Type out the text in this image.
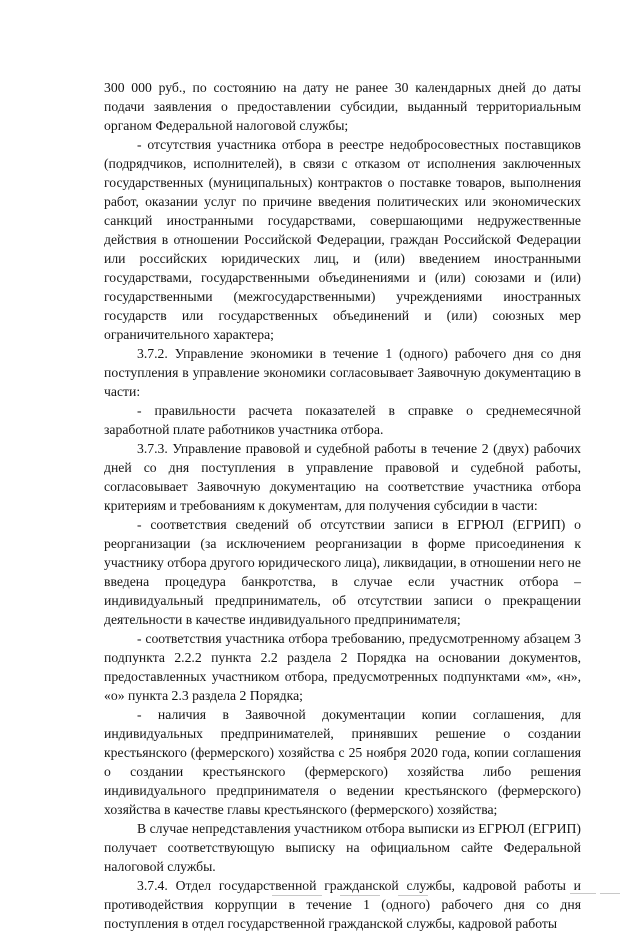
300 000 руб., по состоянию на дату не ранее 30 календарных дней до даты подачи заявления о предоставлении субсидии, выданный территориальным органом Федеральной налоговой службы;

- отсутствия участника отбора в реестре недобросовестных поставщиков (подрядчиков, исполнителей), в связи с отказом от исполнения заключенных государственных (муниципальных) контрактов о поставке товаров, выполнения работ, оказании услуг по причине введения политических или экономических санкций иностранными государствами, совершающими недружественные действия в отношении Российской Федерации, граждан Российской Федерации или российских юридических лиц, и (или) введением иностранными государствами, государственными объединениями и (или) союзами и (или) государственными (межгосударственными) учреждениями иностранных государств или государственных объединений и (или) союзных мер ограничительного характера;

3.7.2. Управление экономики в течение 1 (одного) рабочего дня со дня поступления в управление экономики согласовывает Заявочную документацию в части:

- правильности расчета показателей в справке о среднемесячной заработной плате работников участника отбора.

3.7.3. Управление правовой и судебной работы в течение 2 (двух) рабочих дней со дня поступления в управление правовой и судебной работы, согласовывает Заявочную документацию на соответствие участника отбора критериям и требованиям к документам, для получения субсидии в части:

- соответствия сведений об отсутствии записи в ЕГРЮЛ (ЕГРИП) о реорганизации (за исключением реорганизации в форме присоединения к участнику отбора другого юридического лица), ликвидации, в отношении него не введена процедура банкротства, в случае если участник отбора – индивидуальный предприниматель, об отсутствии записи о прекращении деятельности в качестве индивидуального предпринимателя;

- соответствия участника отбора требованию, предусмотренному абзацем 3 подпункта 2.2.2 пункта 2.2 раздела 2 Порядка на основании документов, предоставленных участником отбора, предусмотренных подпунктами «м», «н», «о» пункта 2.3 раздела 2 Порядка;

- наличия в Заявочной документации копии соглашения, для индивидуальных предпринимателей, принявших решение о создании крестьянского (фермерского) хозяйства с 25 ноября 2020 года, копии соглашения о создании крестьянского (фермерского) хозяйства либо решения индивидуального предпринимателя о ведении крестьянского (фермерского) хозяйства в качестве главы крестьянского (фермерского) хозяйства;

В случае непредставления участником отбора выписки из ЕГРЮЛ (ЕГРИП) получает соответствующую выписку на официальном сайте Федеральной налоговой службы.

3.7.4. Отдел государственной гражданской службы, кадровой работы и противодействия коррупции в течение 1 (одного) рабочего дня со дня поступления в отдел государственной гражданской службы, кадровой работы
